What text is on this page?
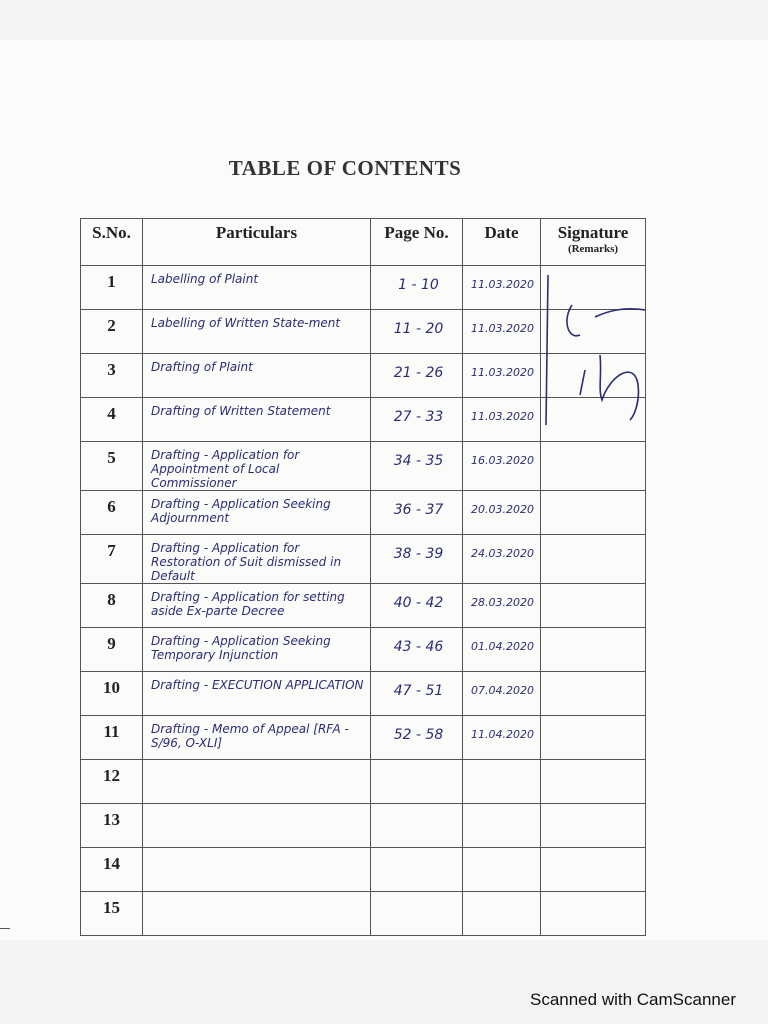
TABLE OF CONTENTS
S.No.	Particulars	Page No.	Date	Signature
(Remarks)

1	Labelling of Plaint	1 - 10	11.03.2020	
2	Labelling of Written State-ment	11 - 20	11.03.2020	
3	Drafting of Plaint	21 - 26	11.03.2020	
4	Drafting of Written Statement	27 - 33	11.03.2020	
5	Drafting - Application for Appointment of Local Commissioner	34 - 35	16.03.2020	
6	Drafting - Application Seeking Adjournment	36 - 37	20.03.2020	
7	Drafting - Application for Restoration of Suit dismissed in Default	38 - 39	24.03.2020	
8	Drafting - Application for setting aside Ex-parte Decree	40 - 42	28.03.2020	
9	Drafting - Application Seeking Temporary Injunction	43 - 46	01.04.2020	
10	Drafting - EXECUTION APPLICATION	47 - 51	07.04.2020	
11	Drafting - Memo of Appeal [RFA - S/96, O-XLI]	52 - 58	11.04.2020	
12				
13				
14				
15				
Scanned with CamScanner
